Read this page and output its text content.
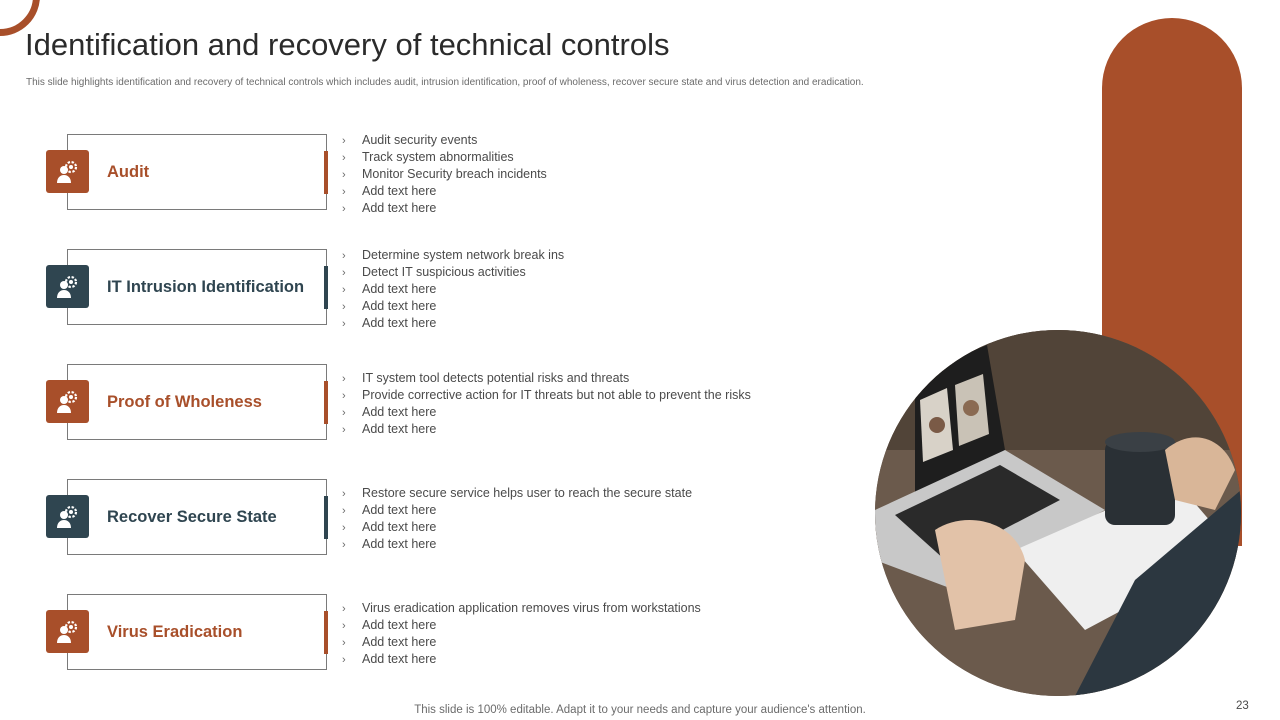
Identification and recovery of technical controls

This slide highlights identification and recovery of technical controls which includes audit, intrusion identification, proof of wholeness, recover secure state and virus detection and eradication.

Audit
› Audit security events
› Track system abnormalities
› Monitor Security breach incidents
› Add text here
› Add text here
IT Intrusion Identification
› Determine system network break ins
› Detect IT suspicious activities
› Add text here
› Add text here
› Add text here
Proof of Wholeness
› IT system tool detects potential risks and threats
› Provide corrective action for IT threats but not able to prevent the risks
› Add text here
› Add text here
Recover Secure State
› Restore secure service helps user to reach the secure state
› Add text here
› Add text here
› Add text here
Virus Eradication
› Virus eradication application removes virus from workstations
› Add text here
› Add text here
› Add text here
This slide is 100% editable. Adapt it to your needs and capture your audience's attention.	23
